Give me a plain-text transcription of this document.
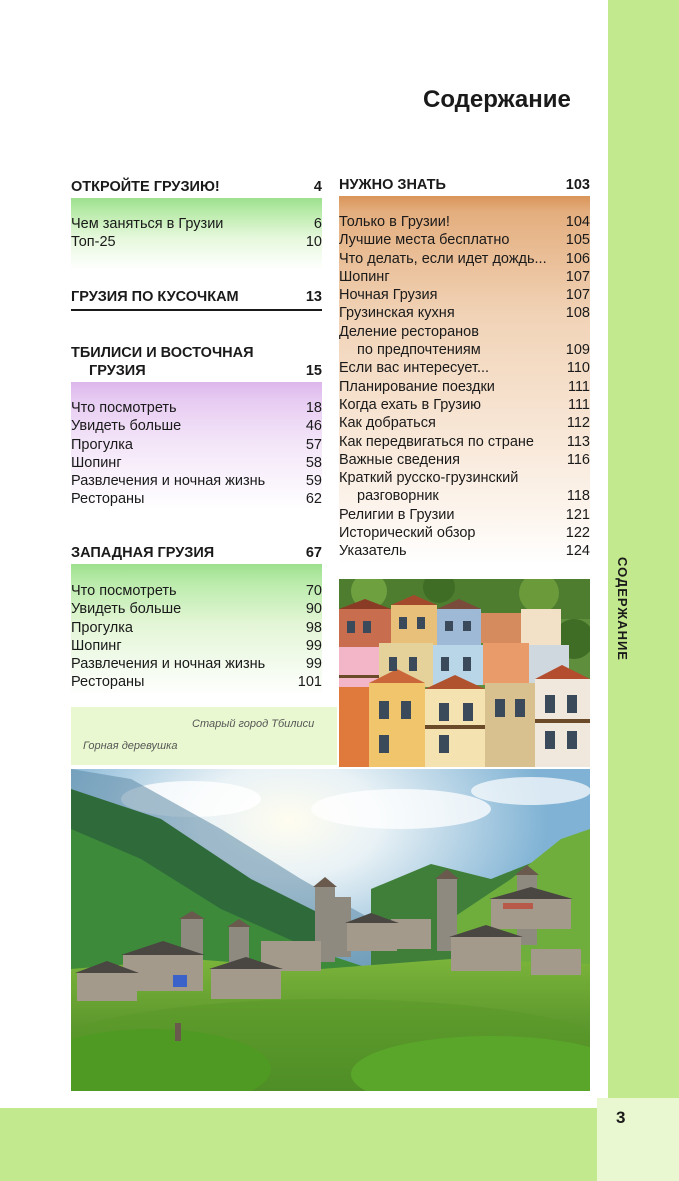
3
СОДЕРЖАНИЕ
Содержание
ОТКРОЙТЕ ГРУЗИЮ!	4
Чем заняться в Грузии	6
Топ-25	10
ГРУЗИЯ ПО КУСОЧКАМ	13
ТБИЛИСИ И ВОСТОЧНАЯ
ГРУЗИЯ	15
Что посмотреть	18
Увидеть больше	46
Прогулка	57
Шопинг	58
Развлечения и ночная жизнь	59
Рестораны	62
ЗАПАДНАЯ ГРУЗИЯ	67
Что посмотреть	70
Увидеть больше	90
Прогулка	98
Шопинг	99
Развлечения и ночная жизнь	99
Рестораны	101
Старый город Тбилиси
Горная деревушка
НУЖНО ЗНАТЬ	103
Только в Грузии!	104
Лучшие места бесплатно	105
Что делать, если идет дождь... 106
Шопинг	107
Ночная Грузия	107
Грузинская кухня	108
Деление ресторанов
по предпочтениям	109
Если вас интересует...	110
Планирование поездки	111
Когда ехать в Грузию	111
Как добраться	112
Как передвигаться по стране 113
Важные сведения	116
Краткий русско-грузинский
разговорник	118
Религии в Грузии	121
Исторический обзор	122
Указатель	124
